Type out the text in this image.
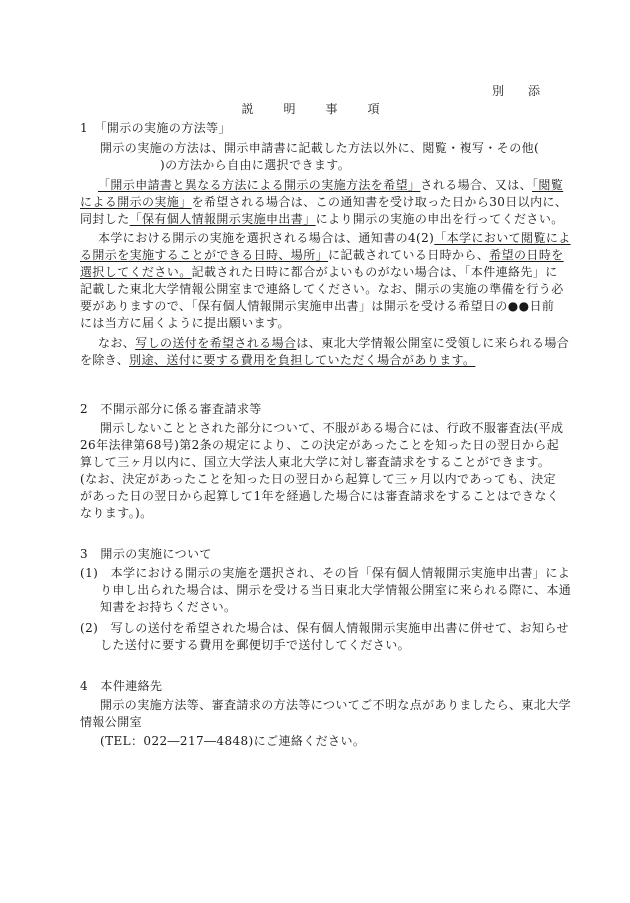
別　添
説　明　事　項
1　「開示の実施の方法等」
開示の実施の方法は、開示申請書に記載した方法以外に、閲覧・複写・その他(
)の方法から自由に選択できます。
「開示申請書と異なる方法による開示の実施方法を希望」される場合、又は、「閲覧
による開示の実施」を希望される場合は、この通知書を受け取った日から30日以内に、
同封した「保有個人情報開示実施申出書」により開示の実施の申出を行ってください。
本学における開示の実施を選択される場合は、通知書の4(2)「本学において閲覧によ
る開示を実施することができる日時、場所」に記載されている日時から、希望の日時を
選択してください。記載された日時に都合がよいものがない場合は、「本件連絡先」に
記載した東北大学情報公開室まで連絡してください。なお、開示の実施の準備を行う必
要がありますので、「保有個人情報開示実施申出書」は開示を受ける希望日の●●日前
には当方に届くように提出願います。
なお、写しの送付を希望される場合は、東北大学情報公開室に受領しに来られる場合
を除き、別途、送付に要する費用を負担していただく場合があります。
2　不開示部分に係る審査請求等
開示しないこととされた部分について、不服がある場合には、行政不服審査法(平成
26年法律第68号)第2条の規定により、この決定があったことを知った日の翌日から起
算して三ヶ月以内に、国立大学法人東北大学に対し審査請求をすることができます。
(なお、決定があったことを知った日の翌日から起算して三ヶ月以内であっても、決定
があった日の翌日から起算して1年を経過した場合には審査請求をすることはできなく
なります。)。
3　開示の実施について
(1)　本学における開示の実施を選択され、その旨「保有個人情報開示実施申出書」によ
り申し出られた場合は、開示を受ける当日東北大学情報公開室に来られる際に、本通
知書をお持ちください。
(2)　写しの送付を希望された場合は、保有個人情報開示実施申出書に併せて、お知らせ
した送付に要する費用を郵便切手で送付してください。
4　本件連絡先
開示の実施方法等、審査請求の方法等についてご不明な点がありましたら、東北大学
情報公開室
(TEL：022―217―4848)にご連絡ください。
